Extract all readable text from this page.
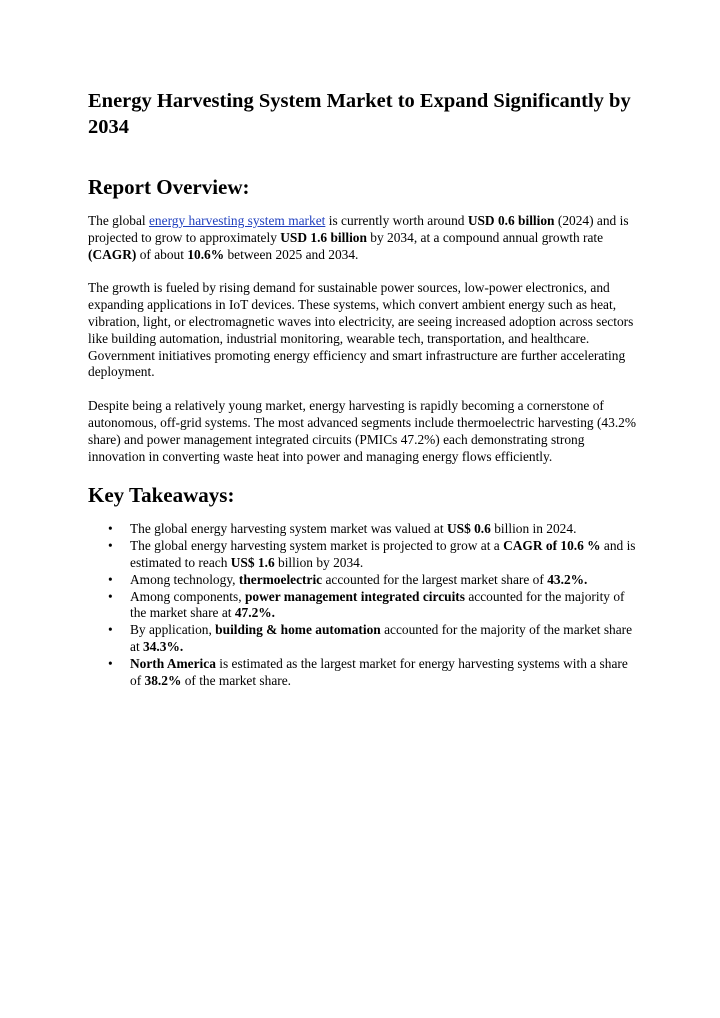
Energy Harvesting System Market to Expand Significantly by 2034
Report Overview:

The global energy harvesting system market is currently worth around USD 0.6 billion (2024) and is projected to grow to approximately USD 1.6 billion by 2034, at a compound annual growth rate (CAGR) of about 10.6% between 2025 and 2034.

The growth is fueled by rising demand for sustainable power sources, low-power electronics, and expanding applications in IoT devices. These systems, which convert ambient energy such as heat, vibration, light, or electromagnetic waves into electricity, are seeing increased adoption across sectors like building automation, industrial monitoring, wearable tech, transportation, and healthcare. Government initiatives promoting energy efficiency and smart infrastructure are further accelerating deployment.

Despite being a relatively young market, energy harvesting is rapidly becoming a cornerstone of autonomous, off-grid systems. The most advanced segments include thermoelectric harvesting (43.2% share) and power management integrated circuits (PMICs 47.2%) each demonstrating strong innovation in converting waste heat into power and managing energy flows efficiently.

Key Takeaways:
• The global energy harvesting system market was valued at US$ 0.6 billion in 2024.
• The global energy harvesting system market is projected to grow at a CAGR of 10.6 % and is estimated to reach US$ 1.6 billion by 2034.
• Among technology, thermoelectric accounted for the largest market share of 43.2%.
• Among components, power management integrated circuits accounted for the majority of the market share at 47.2%.
• By application, building & home automation accounted for the majority of the market share at 34.3%.
• North America is estimated as the largest market for energy harvesting systems with a share of 38.2% of the market share.
